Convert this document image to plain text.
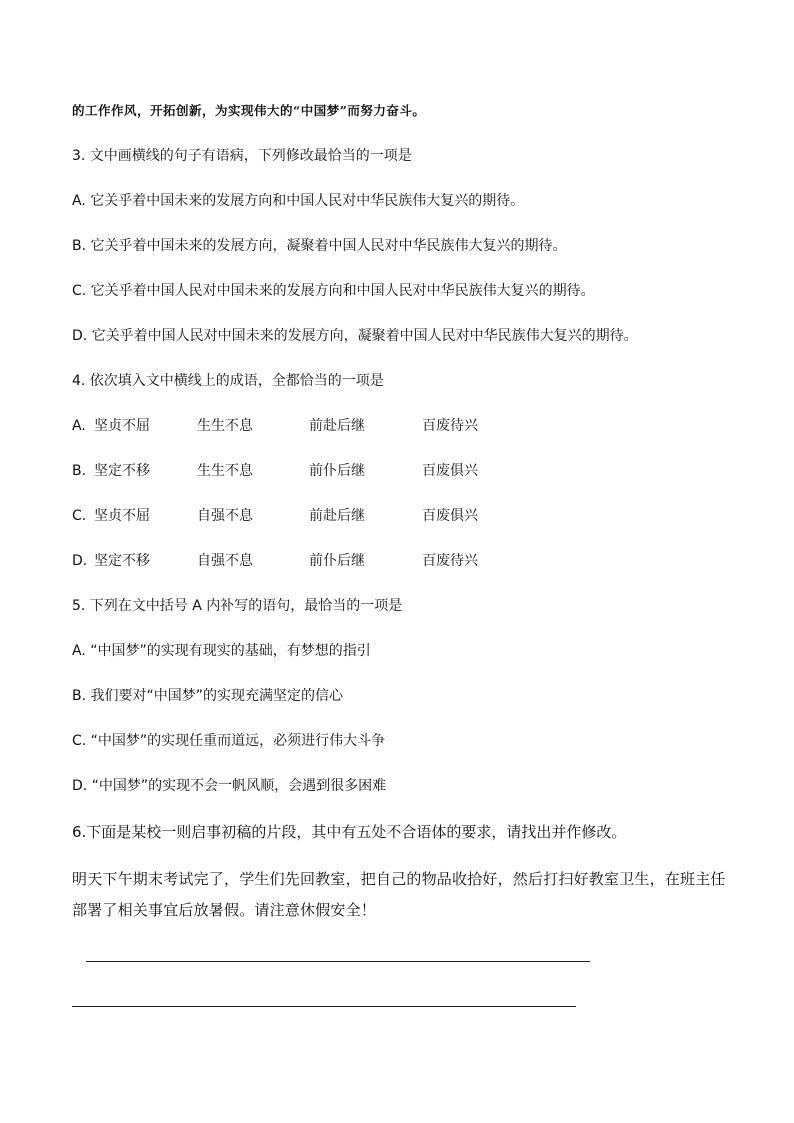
的工作作风，开拓创新，为实现伟大的“中国梦”而努力奋斗。
3. 文中画横线的句子有语病，下列修改最恰当的一项是
A. 它关乎着中国未来的发展方向和中国人民对中华民族伟大复兴的期待。
B. 它关乎着中国未来的发展方向，凝聚着中国人民对中华民族伟大复兴的期待。
C. 它关乎着中国人民对中国未来的发展方向和中国人民对中华民族伟大复兴的期待。
D. 它关乎着中国人民对中国未来的发展方向，凝聚着中国人民对中华民族伟大复兴的期待。
4. 依次填入文中横线上的成语，全都恰当的一项是
A. 坚贞不屈	生生不息	前赴后继	百废待兴
B. 坚定不移	生生不息	前仆后继	百废俱兴
C. 坚贞不屈	自强不息	前赴后继	百废俱兴
D. 坚定不移	自强不息	前仆后继	百废待兴
5. 下列在文中括号 A 内补写的语句，最恰当的一项是
A. “中国梦”的实现有现实的基础，有梦想的指引
B. 我们要对“中国梦”的实现充满坚定的信心
C. “中国梦”的实现任重而道远，必须进行伟大斗争
D. “中国梦”的实现不会一帆风顺，会遇到很多困难
6.下面是某校一则启事初稿的片段，其中有五处不合语体的要求，请找出并作修改。
明天下午期末考试完了，学生们先回教室，把自己的物品收拾好，然后打扫好教室卫生，在班主任部署了相关事宜后放暑假。请注意休假安全！
